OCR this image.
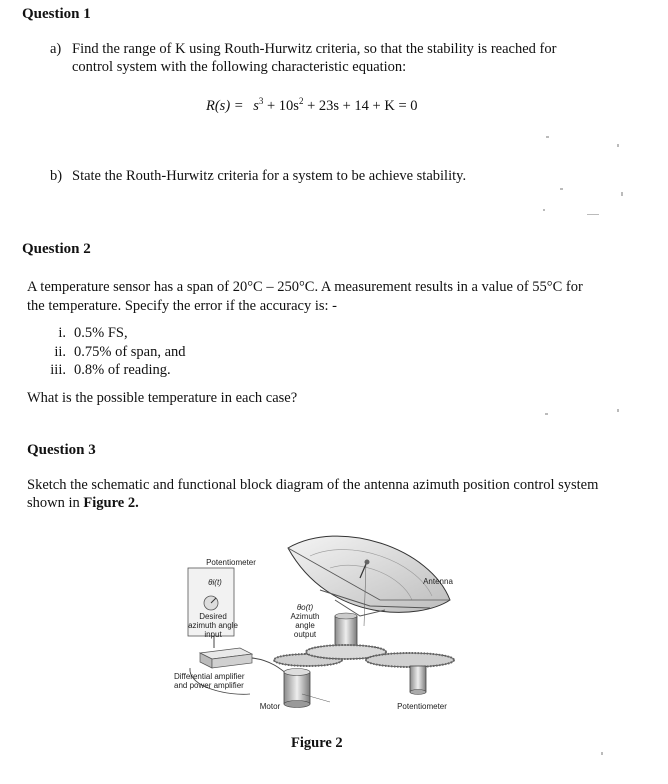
Question 1
a) Find the range of K using Routh-Hurwitz criteria, so that the stability is reached for
control system with the following characteristic equation:
$R(s) = s^3 + 10s^2 + 23s + 14 + K = 0$
b) State the Routh-Hurwitz criteria for a system to be achieve stability.
Question 2
A temperature sensor has a span of 20°C – 250°C. A measurement results in a value of 55°C for
the temperature. Specify the error if the accuracy is: -
i. 0.5% FS,
ii. 0.75% of span, and
iii. 0.8% of reading.
What is the possible temperature in each case?
Question 3
Sketch the schematic and functional block diagram of the antenna azimuth position control system
shown in Figure 2.
Potentiometer
θi(t)
Desired
azimuth angle
input
Differential amplifier
and power amplifier
Motor
θo(t)
Azimuth
angle
output
Antenna
Potentiometer
Figure 2
